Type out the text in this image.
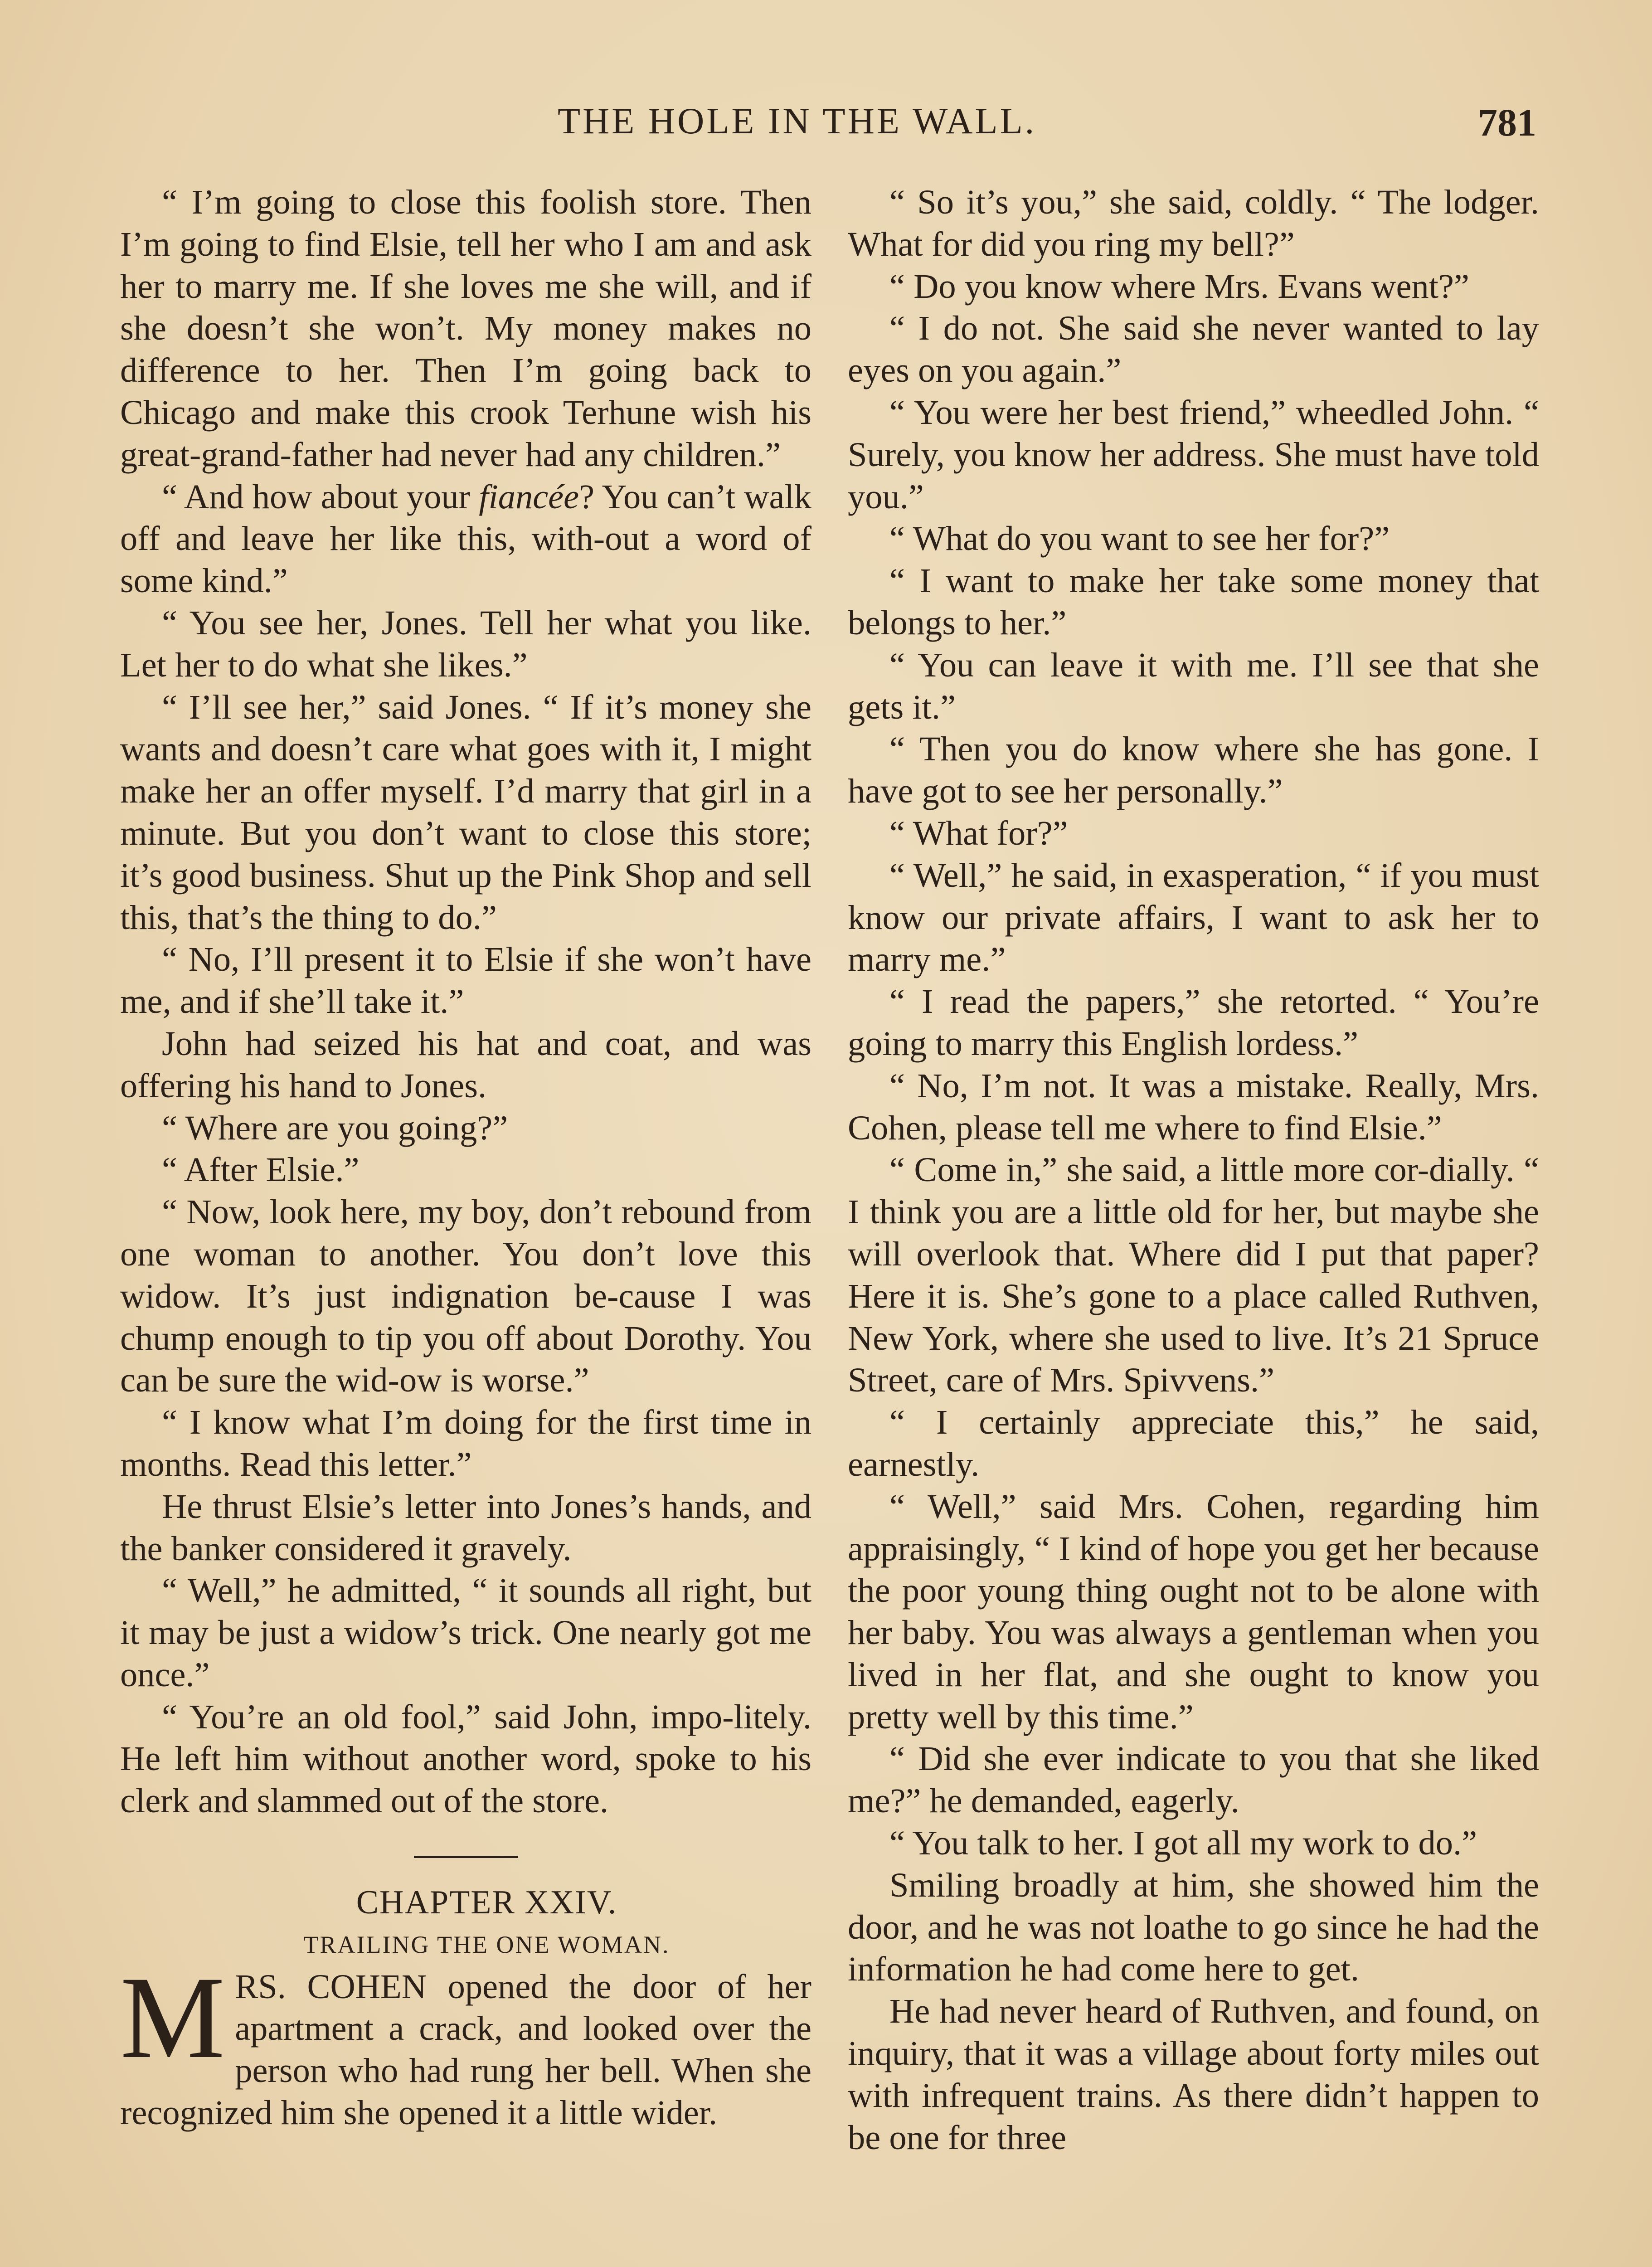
THE HOLE IN THE WALL.	781

“ I’m going to close this foolish store. Then I’m going to find Elsie, tell her who I am and ask her to marry me. If she loves me she will, and if she doesn’t she won’t. My money makes no difference to her. Then I’m going back to Chicago and make this crook Terhune wish his great-grand-father had never had any children.”

“ And how about your fiancée? You can’t walk off and leave her like this, with-out a word of some kind.”

“ You see her, Jones. Tell her what you like. Let her to do what she likes.”

“ I’ll see her,” said Jones. “ If it’s money she wants and doesn’t care what goes with it, I might make her an offer myself. I’d marry that girl in a minute. But you don’t want to close this store; it’s good business. Shut up the Pink Shop and sell this, that’s the thing to do.”

“ No, I’ll present it to Elsie if she won’t have me, and if she’ll take it.”

John had seized his hat and coat, and was offering his hand to Jones.

“ Where are you going?”

“ After Elsie.”

“ Now, look here, my boy, don’t rebound from one woman to another. You don’t love this widow. It’s just indignation be-cause I was chump enough to tip you off about Dorothy. You can be sure the wid-ow is worse.”

“ I know what I’m doing for the first time in months. Read this letter.”

He thrust Elsie’s letter into Jones’s hands, and the banker considered it gravely.

“ Well,” he admitted, “ it sounds all right, but it may be just a widow’s trick. One nearly got me once.”

“ You’re an old fool,” said John, impo-litely. He left him without another word, spoke to his clerk and slammed out of the store.

CHAPTER XXIV.

TRAILING THE ONE WOMAN.

MRS. COHEN opened the door of her apartment a crack, and looked over the person who had rung her bell. When she recognized him she opened it a little wider.

“ So it’s you,” she said, coldly. “ The lodger. What for did you ring my bell?”

“ Do you know where Mrs. Evans went?”

“ I do not. She said she never wanted to lay eyes on you again.”

“ You were her best friend,” wheedled John. “ Surely, you know her address. She must have told you.”

“ What do you want to see her for?”

“ I want to make her take some money that belongs to her.”

“ You can leave it with me. I’ll see that she gets it.”

“ Then you do know where she has gone. I have got to see her personally.”

“ What for?”

“ Well,” he said, in exasperation, “ if you must know our private affairs, I want to ask her to marry me.”

“ I read the papers,” she retorted. “ You’re going to marry this English lordess.”

“ No, I’m not. It was a mistake. Really, Mrs. Cohen, please tell me where to find Elsie.”

“ Come in,” she said, a little more cor-dially. “ I think you are a little old for her, but maybe she will overlook that. Where did I put that paper? Here it is. She’s gone to a place called Ruthven, New York, where she used to live. It’s 21 Spruce Street, care of Mrs. Spivvens.”

“ I certainly appreciate this,” he said, earnestly.

“ Well,” said Mrs. Cohen, regarding him appraisingly, “ I kind of hope you get her because the poor young thing ought not to be alone with her baby. You was always a gentleman when you lived in her flat, and she ought to know you pretty well by this time.”

“ Did she ever indicate to you that she liked me?” he demanded, eagerly.

“ You talk to her. I got all my work to do.”

Smiling broadly at him, she showed him the door, and he was not loathe to go since he had the information he had come here to get.

He had never heard of Ruthven, and found, on inquiry, that it was a village about forty miles out with infrequent trains. As there didn’t happen to be one for three
